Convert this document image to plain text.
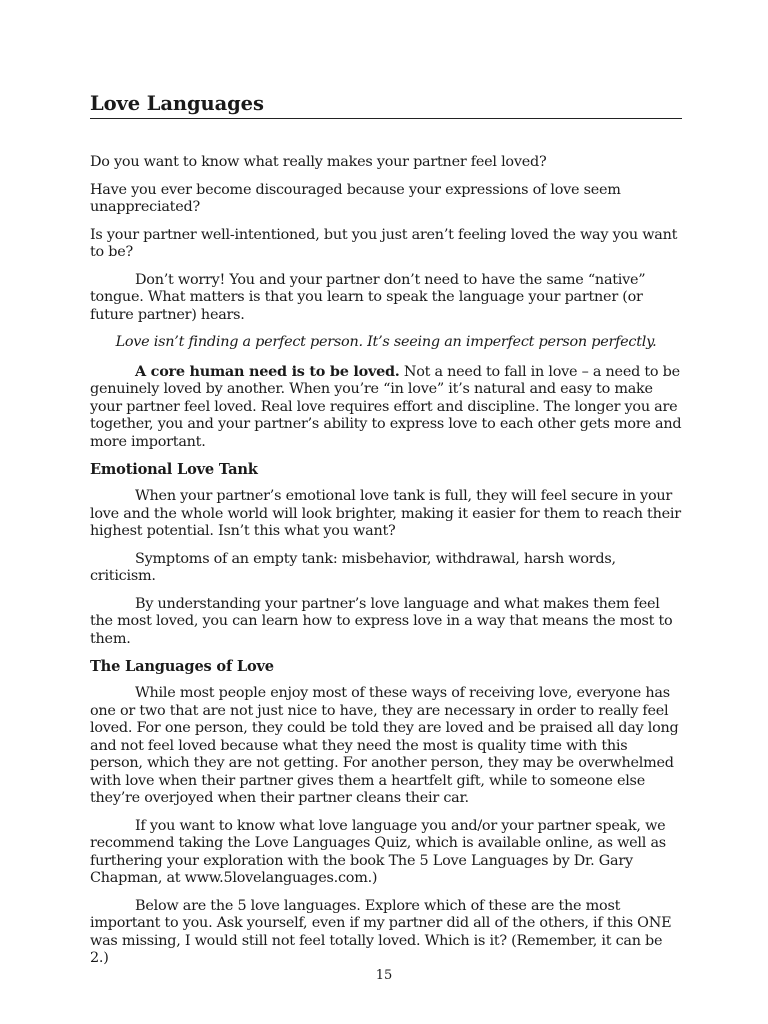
Love Languages

Do you want to know what really makes your partner feel loved?

Have you ever become discouraged because your expressions of love seem unappreciated?

Is your partner well-intentioned, but you just aren’t feeling loved the way you want to be?

Don’t worry! You and your partner don’t need to have the same “native” tongue. What matters is that you learn to speak the language your partner (or future partner) hears.

Love isn’t finding a perfect person. It’s seeing an imperfect person perfectly.

A core human need is to be loved. Not a need to fall in love – a need to be genuinely loved by another. When you’re “in love” it’s natural and easy to make your partner feel loved. Real love requires effort and discipline. The longer you are together, you and your partner’s ability to express love to each other gets more and more important.

Emotional Love Tank

When your partner’s emotional love tank is full, they will feel secure in your love and the whole world will look brighter, making it easier for them to reach their highest potential. Isn’t this what you want?

Symptoms of an empty tank: misbehavior, withdrawal, harsh words, criticism.

By understanding your partner’s love language and what makes them feel the most loved, you can learn how to express love in a way that means the most to them.

The Languages of Love

While most people enjoy most of these ways of receiving love, everyone has one or two that are not just nice to have, they are necessary in order to really feel loved. For one person, they could be told they are loved and be praised all day long and not feel loved because what they need the most is quality time with this person, which they are not getting. For another person, they may be overwhelmed with love when their partner gives them a heartfelt gift, while to someone else they’re overjoyed when their partner cleans their car.

If you want to know what love language you and/or your partner speak, we recommend taking the Love Languages Quiz, which is available online, as well as furthering your exploration with the book The 5 Love Languages by Dr. Gary Chapman, at www.5lovelanguages.com.)

Below are the 5 love languages. Explore which of these are the most important to you. Ask yourself, even if my partner did all of the others, if this ONE was missing, I would still not feel totally loved. Which is it? (Remember, it can be 2.)

15
